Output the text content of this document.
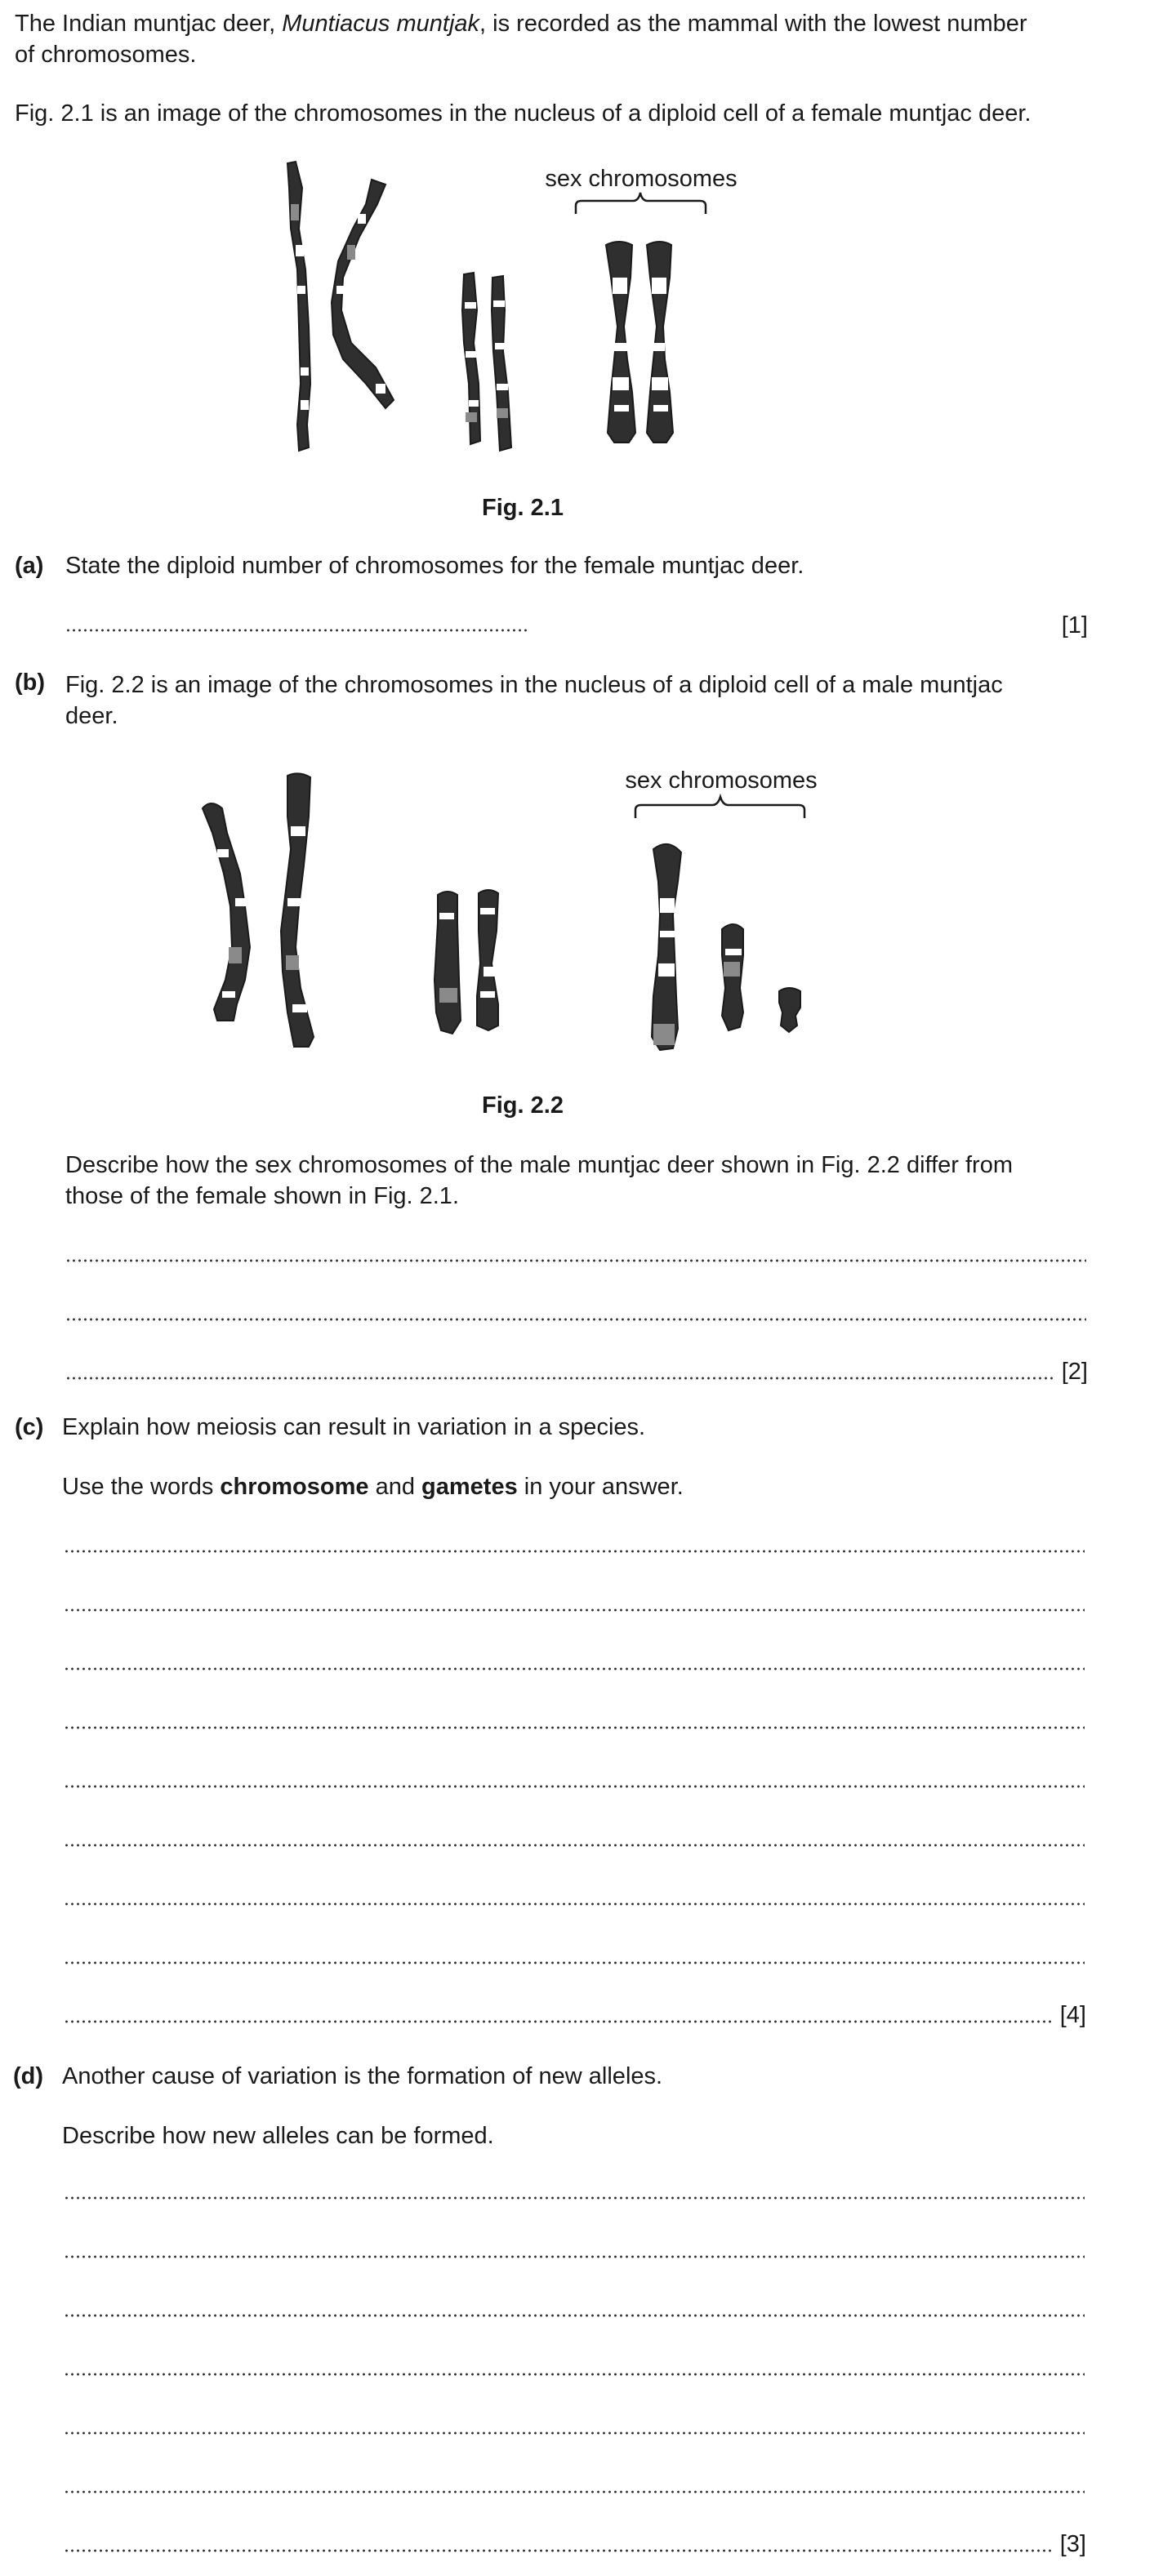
The Indian muntjac deer, Muntiacus muntjak, is recorded as the mammal with the lowest number
of chromosomes.
Fig. 2.1 is an image of the chromosomes in the nucleus of a diploid cell of a female muntjac deer.
sex chromosomes
Fig. 2.1
(a) State the diploid number of chromosomes for the female muntjac deer.
[1]
(b) Fig. 2.2 is an image of the chromosomes in the nucleus of a diploid cell of a male muntjac
deer.
sex chromosomes
Fig. 2.2
Describe how the sex chromosomes of the male muntjac deer shown in Fig. 2.2 differ from
those of the female shown in Fig. 2.1.
[2]
(c) Explain how meiosis can result in variation in a species.
Use the words chromosome and gametes in your answer.
[4]
(d) Another cause of variation is the formation of new alleles.
Describe how new alleles can be formed.
[3]
